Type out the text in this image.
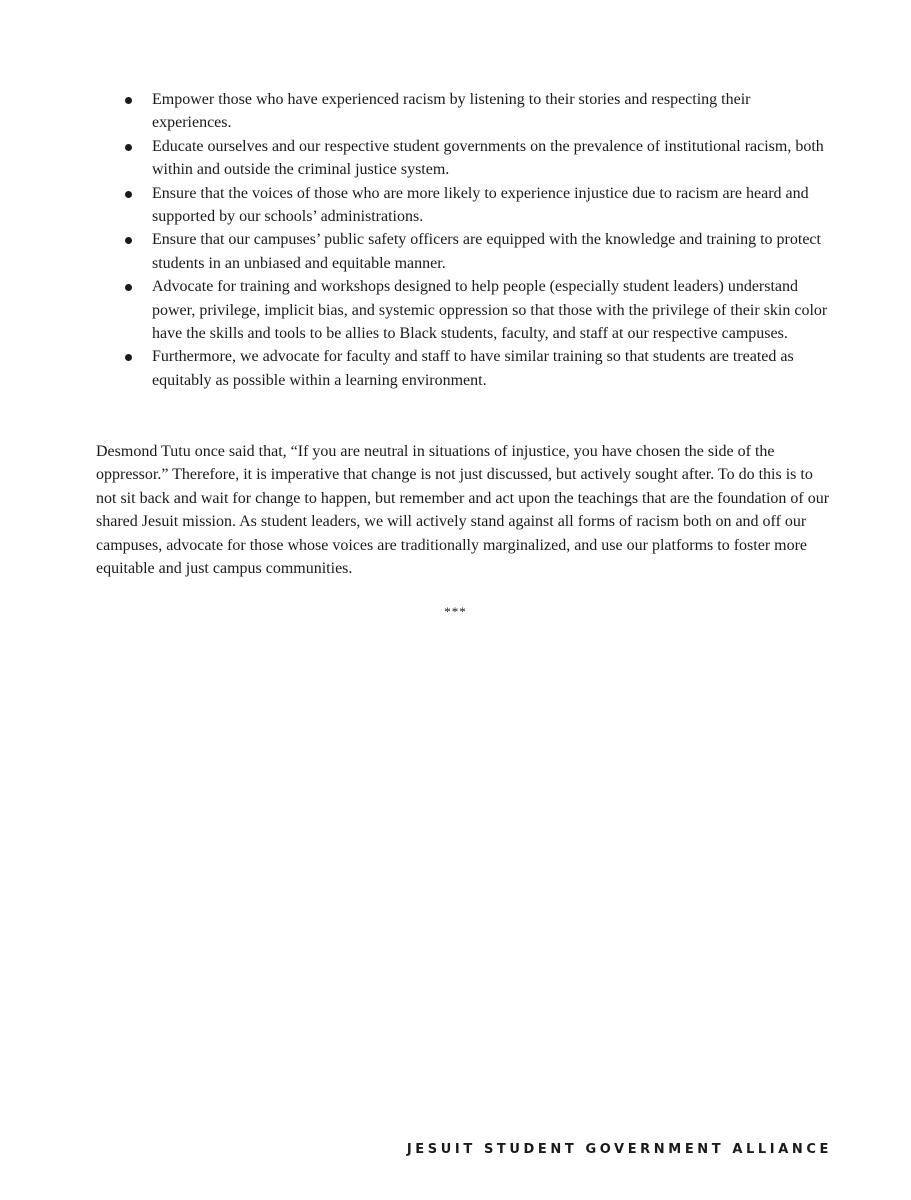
Empower those who have experienced racism by listening to their stories and respecting their experiences.
Educate ourselves and our respective student governments on the prevalence of institutional racism, both within and outside the criminal justice system.
Ensure that the voices of those who are more likely to experience injustice due to racism are heard and supported by our schools’ administrations.
Ensure that our campuses’ public safety officers are equipped with the knowledge and training to protect students in an unbiased and equitable manner.
Advocate for training and workshops designed to help people (especially student leaders) understand power, privilege, implicit bias, and systemic oppression so that those with the privilege of their skin color have the skills and tools to be allies to Black students, faculty, and staff at our respective campuses.
Furthermore, we advocate for faculty and staff to have similar training so that students are treated as equitably as possible within a learning environment.

Desmond Tutu once said that, “If you are neutral in situations of injustice, you have chosen the side of the oppressor.” Therefore, it is imperative that change is not just discussed, but actively sought after. To do this is to not sit back and wait for change to happen, but remember and act upon the teachings that are the foundation of our shared Jesuit mission. As student leaders, we will actively stand against all forms of racism both on and off our campuses, advocate for those whose voices are traditionally marginalized, and use our platforms to foster more equitable and just campus communities.

***
JESUIT STUDENT GOVERNMENT ALLIANCE
